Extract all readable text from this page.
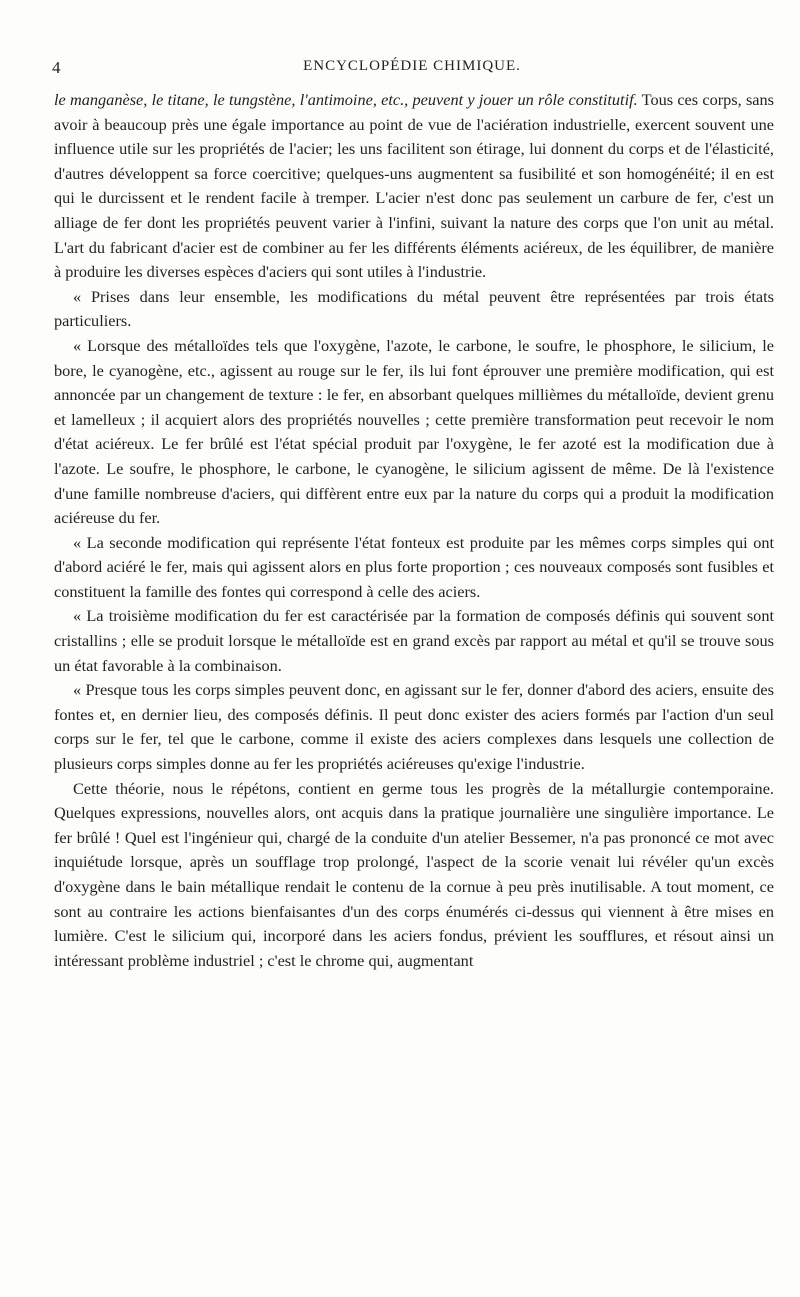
4	ENCYCLOPÉDIE CHIMIQUE.

le manganèse, le titane, le tungstène, l'antimoine, etc., peuvent y jouer un rôle constitutif. Tous ces corps, sans avoir à beaucoup près une égale importance au point de vue de l'aciération industrielle, exercent souvent une influence utile sur les propriétés de l'acier; les uns facilitent son étirage, lui donnent du corps et de l'élasticité, d'autres développent sa force coercitive; quelques-uns augmentent sa fusibilité et son homogénéité; il en est qui le durcissent et le rendent facile à tremper. L'acier n'est donc pas seulement un carbure de fer, c'est un alliage de fer dont les propriétés peuvent varier à l'infini, suivant la nature des corps que l'on unit au métal. L'art du fabricant d'acier est de combiner au fer les différents éléments aciéreux, de les équilibrer, de manière à produire les diverses espèces d'aciers qui sont utiles à l'industrie.

« Prises dans leur ensemble, les modifications du métal peuvent être représentées par trois états particuliers.

« Lorsque des métalloïdes tels que l'oxygène, l'azote, le carbone, le soufre, le phosphore, le silicium, le bore, le cyanogène, etc., agissent au rouge sur le fer, ils lui font éprouver une première modification, qui est annoncée par un changement de texture : le fer, en absorbant quelques millièmes du métalloïde, devient grenu et lamelleux ; il acquiert alors des propriétés nouvelles ; cette première transformation peut recevoir le nom d'état aciéreux. Le fer brûlé est l'état spécial produit par l'oxygène, le fer azoté est la modification due à l'azote. Le soufre, le phosphore, le carbone, le cyanogène, le silicium agissent de même. De là l'existence d'une famille nombreuse d'aciers, qui diffèrent entre eux par la nature du corps qui a produit la modification aciéreuse du fer.

« La seconde modification qui représente l'état fonteux est produite par les mêmes corps simples qui ont d'abord aciéré le fer, mais qui agissent alors en plus forte proportion ; ces nouveaux composés sont fusibles et constituent la famille des fontes qui correspond à celle des aciers.

« La troisième modification du fer est caractérisée par la formation de composés définis qui souvent sont cristallins ; elle se produit lorsque le métalloïde est en grand excès par rapport au métal et qu'il se trouve sous un état favorable à la combinaison.

« Presque tous les corps simples peuvent donc, en agissant sur le fer, donner d'abord des aciers, ensuite des fontes et, en dernier lieu, des composés définis. Il peut donc exister des aciers formés par l'action d'un seul corps sur le fer, tel que le carbone, comme il existe des aciers complexes dans lesquels une collection de plusieurs corps simples donne au fer les propriétés aciéreuses qu'exige l'industrie.

Cette théorie, nous le répétons, contient en germe tous les progrès de la métallurgie contemporaine. Quelques expressions, nouvelles alors, ont acquis dans la pratique journalière une singulière importance. Le fer brûlé ! Quel est l'ingénieur qui, chargé de la conduite d'un atelier Bessemer, n'a pas prononcé ce mot avec inquiétude lorsque, après un soufflage trop prolongé, l'aspect de la scorie venait lui révéler qu'un excès d'oxygène dans le bain métallique rendait le contenu de la cornue à peu près inutilisable. A tout moment, ce sont au contraire les actions bienfaisantes d'un des corps énumérés ci-dessus qui viennent à être mises en lumière. C'est le silicium qui, incorporé dans les aciers fondus, prévient les soufflures, et résout ainsi un intéressant problème industriel ; c'est le chrome qui, augmentant
